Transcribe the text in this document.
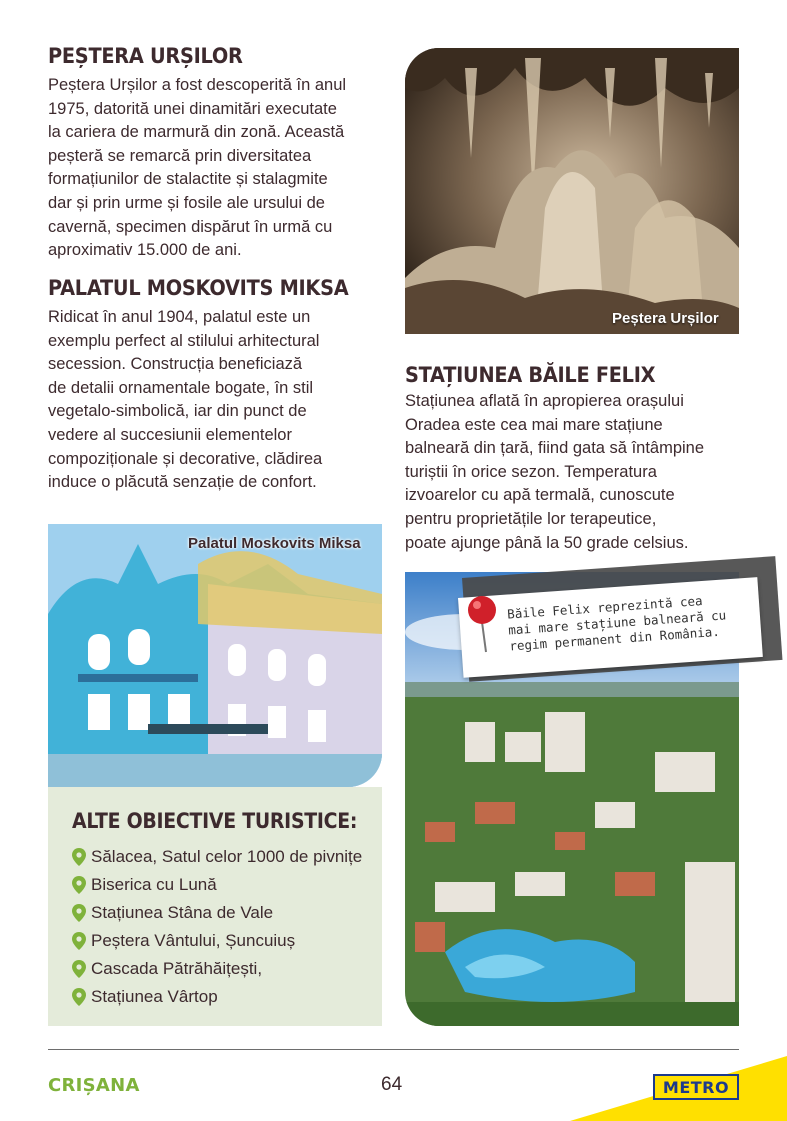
PEȘTERA URȘILOR
Peștera Urșilor a fost descoperită în anul
1975, datorită unei dinamitări executate
la cariera de marmură din zonă. Această
peșteră se remarcă prin diversitatea
formațiunilor de stalactite și stalagmite
dar și prin urme și fosile ale ursului de
cavernă, specimen dispărut în urmă cu
aproximativ 15.000 de ani.
PALATUL MOSKOVITS MIKSA
Ridicat în anul 1904, palatul este un
exemplu perfect al stilului arhitectural
secession. Construcția beneficiază
de detalii ornamentale bogate, în stil
vegetalo-simbolică, iar din punct de
vedere al succesiunii elementelor
compoziționale și decorative, clădirea
induce o plăcută senzație de confort.
Peștera Urșilor
STAȚIUNEA BĂILE FELIX
Stațiunea aflată în apropierea orașului
Oradea este cea mai mare stațiune
balneară din țară, fiind gata să întâmpine
turiștii în orice sezon. Temperatura
izvoarelor cu apă termală, cunoscute
pentru proprietățile lor terapeutice,
poate ajunge până la 50 grade celsius.
Palatul Moskovits Miksa
ALTE OBIECTIVE TURISTICE:
Sălacea, Satul celor 1000 de pivnițe
Biserica cu Lună
Stațiunea Stâna de Vale
Peștera Vântului, Șuncuiuș
Cascada Pătrăhăițești,
Stațiunea Vârtop
Băile Felix reprezintă cea
mai mare stațiune balneară cu
regim permanent din România.
CRIȘANA	64	METRO
